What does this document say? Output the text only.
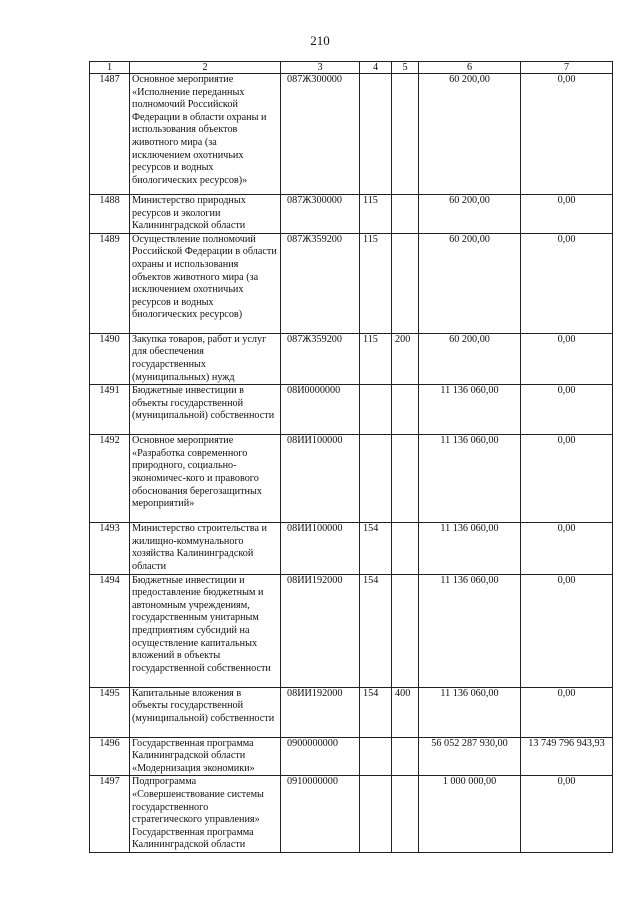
210
1	2	3	4	5	6	7
1487	Основное мероприятие «Исполнение переданных полномочий Российской Федерации в области охраны и использования объектов животного мира (за исключением охотничьих ресурсов и водных биологических ресурсов)»	087Ж300000			60 200,00	0,00
1488	Министерство природных ресурсов и экологии Калининградской области	087Ж300000	115		60 200,00	0,00
1489	Осуществление полномочий Российской Федерации в области охраны и использования объектов животного мира (за исключением охотничьих ресурсов и водных биологических ресурсов)	087Ж359200	115		60 200,00	0,00
1490	Закупка товаров, работ и услуг для обеспечения государственных (муниципальных) нужд	087Ж359200	115	200	60 200,00	0,00
1491	Бюджетные инвестиции в объекты государственной (муниципальной) собственности	08И0000000			11 136 060,00	0,00
1492	Основное мероприятие «Разработка современного природного, социально-экономичес-кого и правового обоснования берегозащитных мероприятий»	08ИИ100000			11 136 060,00	0,00
1493	Министерство строительства и жилищно-коммунального хозяйства Калининградской области	08ИИ100000	154		11 136 060,00	0,00
1494	Бюджетные инвестиции и предоставление бюджетным и автономным учреждениям, государственным унитарным предприятиям субсидий на осуществление капитальных вложений в объекты государственной собственности	08ИИ192000	154		11 136 060,00	0,00
1495	Капитальные вложения в объекты государственной (муниципальной) собственности	08ИИ192000	154	400	11 136 060,00	0,00
1496	Государственная программа Калининградской области «Модернизация экономики»	0900000000			56 052 287 930,00	13 749 796 943,93
1497	Подпрограмма «Совершенствование системы государственного стратегического управления» Государственная программа Калининградской области	0910000000			1 000 000,00	0,00
